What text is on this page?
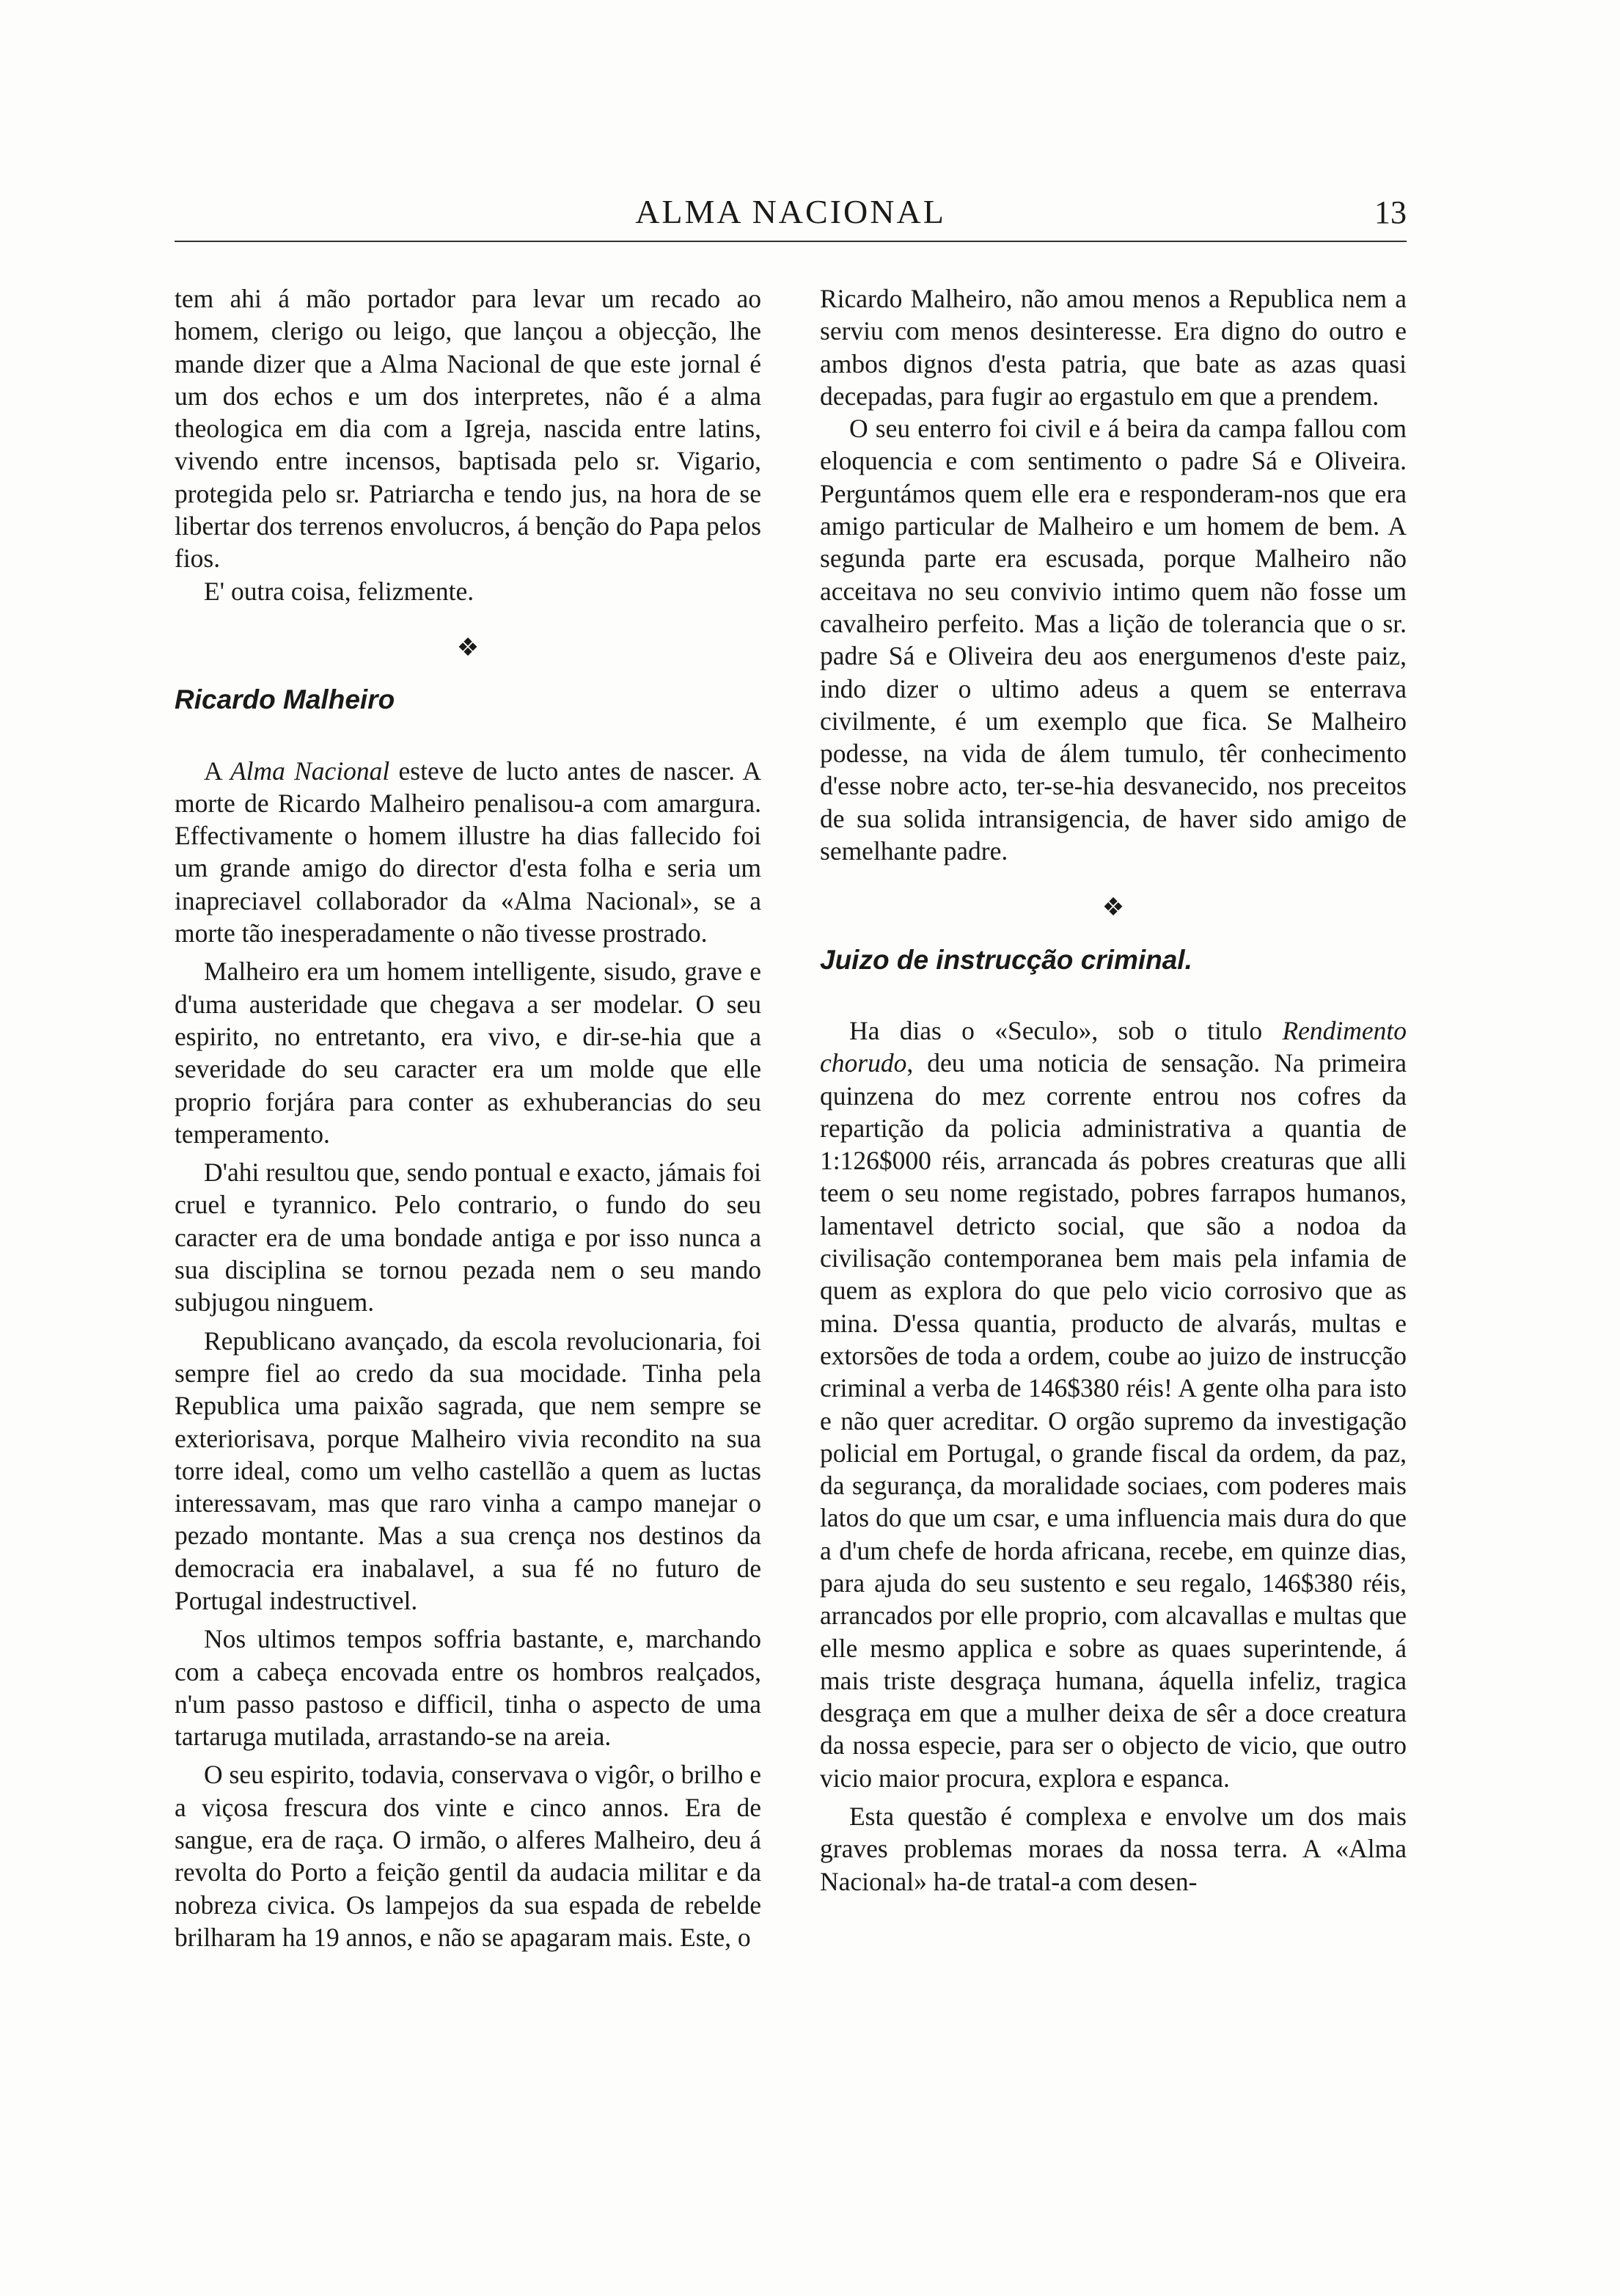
ALMA NACIONAL	13

tem ahi á mão portador para levar um recado ao homem, clerigo ou leigo, que lançou a objecção, lhe mande dizer que a Alma Nacional de que este jornal é um dos echos e um dos interpretes, não é a alma theologica em dia com a Igreja, nascida entre latins, vivendo entre incensos, baptisada pelo sr. Vigario, protegida pelo sr. Patriarcha e tendo jus, na hora de se libertar dos terrenos envolucros, á benção do Papa pelos fios.

E' outra coisa, felizmente.

❖
Ricardo Malheiro

A Alma Nacional esteve de lucto antes de nascer. A morte de Ricardo Malheiro penalisou-a com amargura. Effectivamente o homem illustre ha dias fallecido foi um grande amigo do director d'esta folha e seria um inapreciavel collaborador da «Alma Nacional», se a morte tão inesperadamente o não tivesse prostrado.

Malheiro era um homem intelligente, sisudo, grave e d'uma austeridade que chegava a ser modelar. O seu espirito, no entretanto, era vivo, e dir-se-hia que a severidade do seu caracter era um molde que elle proprio forjára para conter as exhuberancias do seu temperamento.

D'ahi resultou que, sendo pontual e exacto, jámais foi cruel e tyrannico. Pelo contrario, o fundo do seu caracter era de uma bondade antiga e por isso nunca a sua disciplina se tornou pezada nem o seu mando subjugou ninguem.

Republicano avançado, da escola revolucionaria, foi sempre fiel ao credo da sua mocidade. Tinha pela Republica uma paixão sagrada, que nem sempre se exteriorisava, porque Malheiro vivia recondito na sua torre ideal, como um velho castellão a quem as luctas interessavam, mas que raro vinha a campo manejar o pezado montante. Mas a sua crença nos destinos da democracia era inabalavel, a sua fé no futuro de Portugal indestructivel.

Nos ultimos tempos soffria bastante, e, marchando com a cabeça encovada entre os hombros realçados, n'um passo pastoso e difficil, tinha o aspecto de uma tartaruga mutilada, arrastando-se na areia.

O seu espirito, todavia, conservava o vigôr, o brilho e a viçosa frescura dos vinte e cinco annos. Era de sangue, era de raça. O irmão, o alferes Malheiro, deu á revolta do Porto a feição gentil da audacia militar e da nobreza civica. Os lampejos da sua espada de rebelde brilharam ha 19 annos, e não se apagaram mais. Este, o

Ricardo Malheiro, não amou menos a Republica nem a serviu com menos desinteresse. Era digno do outro e ambos dignos d'esta patria, que bate as azas quasi decepadas, para fugir ao ergastulo em que a prendem.

O seu enterro foi civil e á beira da campa fallou com eloquencia e com sentimento o padre Sá e Oliveira. Perguntámos quem elle era e responderam-nos que era amigo particular de Malheiro e um homem de bem. A segunda parte era escusada, porque Malheiro não acceitava no seu convivio intimo quem não fosse um cavalheiro perfeito. Mas a lição de tolerancia que o sr. padre Sá e Oliveira deu aos energumenos d'este paiz, indo dizer o ultimo adeus a quem se enterrava civilmente, é um exemplo que fica. Se Malheiro podesse, na vida de álem tumulo, têr conhecimento d'esse nobre acto, ter-se-hia desvanecido, nos preceitos de sua solida intransigencia, de haver sido amigo de semelhante padre.

❖
Juizo de instrucção criminal.

Ha dias o «Seculo», sob o titulo Rendimento chorudo, deu uma noticia de sensação. Na primeira quinzena do mez corrente entrou nos cofres da repartição da policia administrativa a quantia de 1:126$000 réis, arrancada ás pobres creaturas que alli teem o seu nome registado, pobres farrapos humanos, lamentavel detricto social, que são a nodoa da civilisação contemporanea bem mais pela infamia de quem as explora do que pelo vicio corrosivo que as mina. D'essa quantia, producto de alvarás, multas e extorsões de toda a ordem, coube ao juizo de instrucção criminal a verba de 146$380 réis! A gente olha para isto e não quer acreditar. O orgão supremo da investigação policial em Portugal, o grande fiscal da ordem, da paz, da segurança, da moralidade sociaes, com poderes mais latos do que um csar, e uma influencia mais dura do que a d'um chefe de horda africana, recebe, em quinze dias, para ajuda do seu sustento e seu regalo, 146$380 réis, arrancados por elle proprio, com alcavallas e multas que elle mesmo applica e sobre as quaes superintende, á mais triste desgraça humana, áquella infeliz, tragica desgraça em que a mulher deixa de sêr a doce creatura da nossa especie, para ser o objecto de vicio, que outro vicio maior procura, explora e espanca.

Esta questão é complexa e envolve um dos mais graves problemas moraes da nossa terra. A «Alma Nacional» ha-de tratal-a com desen-
